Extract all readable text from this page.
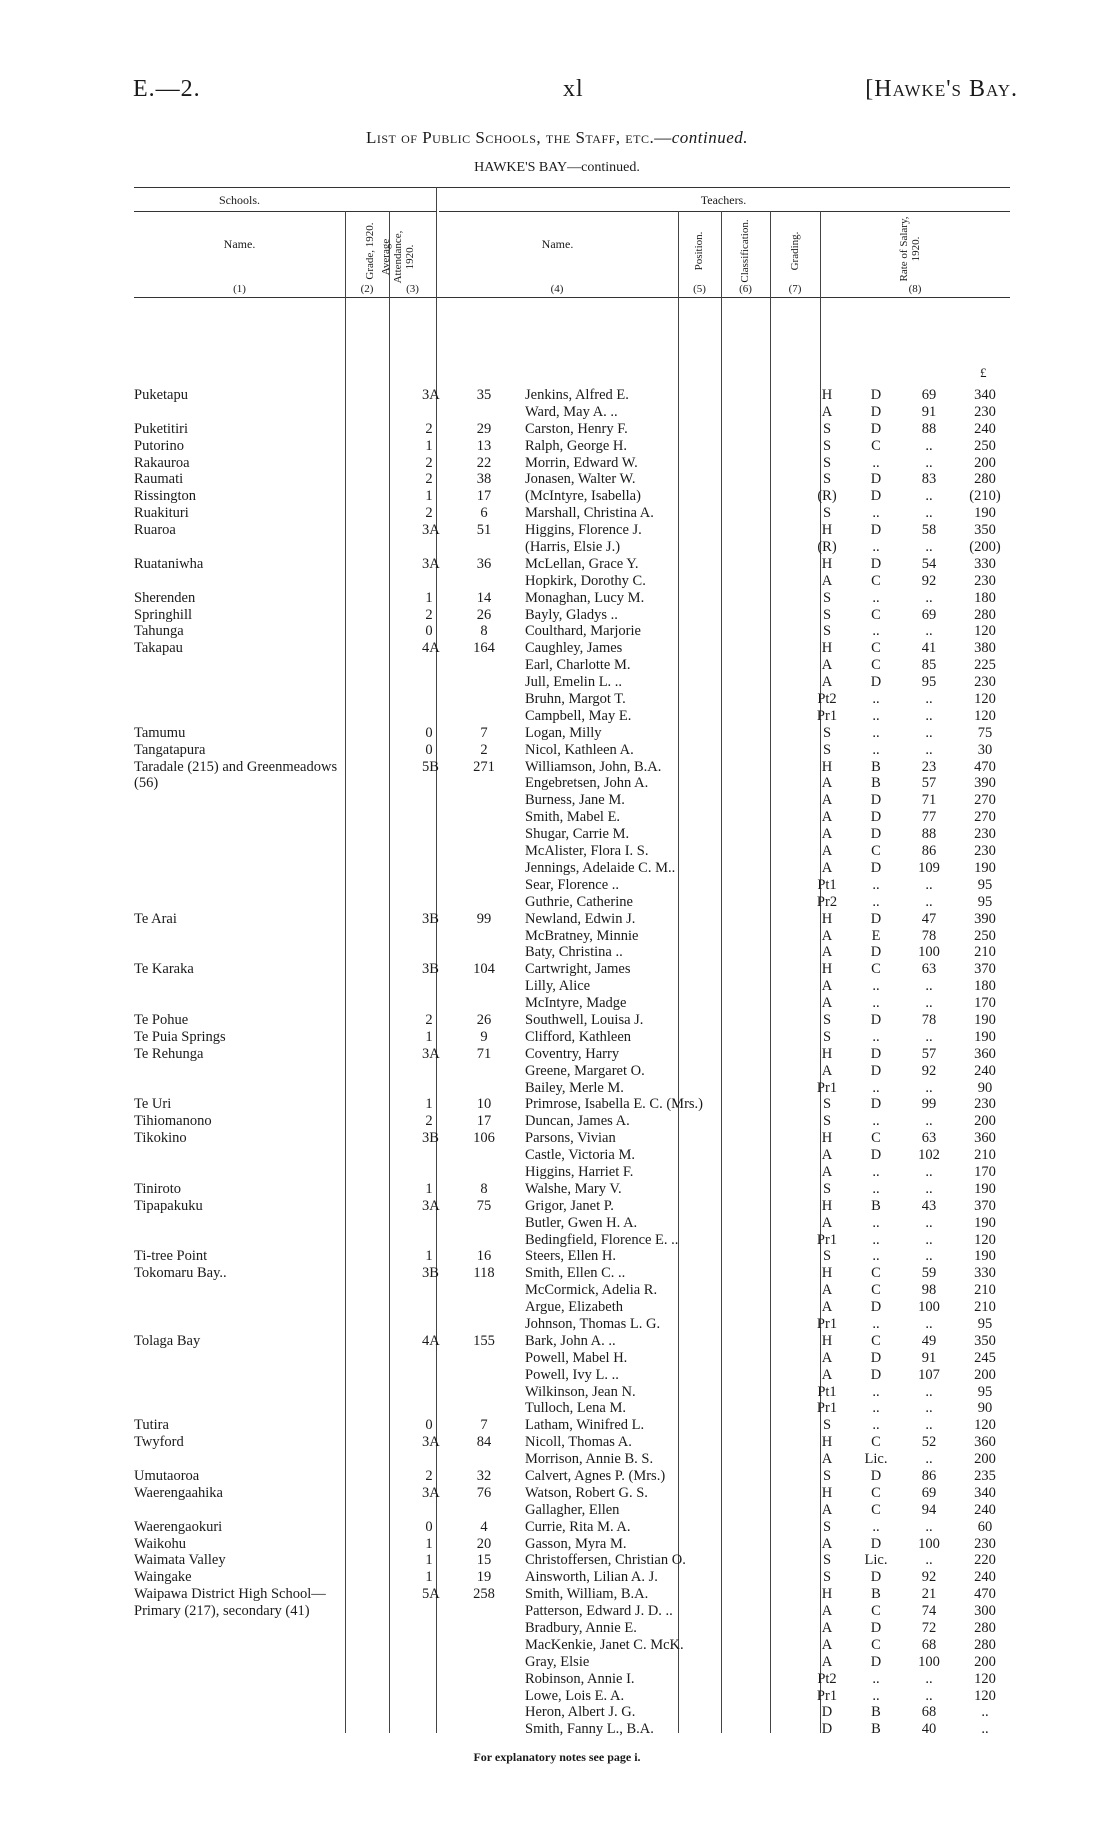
E.—2.	xl	[Hawke's Bay.
List of Public Schools, the Staff, etc.—continued.
HAWKE'S BAY—continued.
Schools.	Teachers.
Name.	Grade, 1920. Average Attendance, 1920.
Name.	Position.	Classification.	Grading.	Rate of Salary, 1920.
(1)	(2)	(3)	(4)	(5)	(6)	(7)	(8)
£
Puketapu	3A	35	Jenkins, Alfred E.	H	D	69	340
Ward, May A. ..	A	D	91	230
Puketitiri	2	29	Carston, Henry F.	S	D	88	240
Putorino	1	13	Ralph, George H.	S	C	..	250
Rakauroa	2	22	Morrin, Edward W.	S	..	..	200
Raumati	2	38	Jonasen, Walter W.	S	D	83	280
Rissington	1	17	(McIntyre, Isabella)	(R)	D	..	(210)
Ruakituri	2	6	Marshall, Christina A.	S	..	..	190
Ruaroa	3A	51	Higgins, Florence J.	H	D	58	350
(Harris, Elsie J.)	(R)	..	..	(200)
Ruataniwha	3A	36	McLellan, Grace Y.	H	D	54	330
Hopkirk, Dorothy C.	A	C	92	230
Sherenden	1	14	Monaghan, Lucy M.	S	..	..	180
Springhill	2	26	Bayly, Gladys ..	S	C	69	280
Tahunga	0	8	Coulthard, Marjorie	S	..	..	120
Takapau	4A	164	Caughley, James	H	C	41	380
Earl, Charlotte M.	A	C	85	225
Jull, Emelin L. ..	A	D	95	230
Bruhn, Margot T.	Pt2	..	..	120
Campbell, May E.	Pr1	..	..	120
Tamumu	0	7	Logan, Milly	S	..	..	75
Tangatapura	0	2	Nicol, Kathleen A.	S	..	..	30
Taradale (215) and Greenmeadows	5B	271	Williamson, John, B.A.	H	B	23	470
(56)	Engebretsen, John A.	A	B	57	390
Burness, Jane M.	A	D	71	270
Smith, Mabel E.	A	D	77	270
Shugar, Carrie M.	A	D	88	230
McAlister, Flora I. S.	A	C	86	230
Jennings, Adelaide C. M..	A	D	109	190
Sear, Florence ..	Pt1	..	..	95
Guthrie, Catherine	Pr2	..	..	95
Te Arai	3B	99	Newland, Edwin J.	H	D	47	390
McBratney, Minnie	A	E	78	250
Baty, Christina ..	A	D	100	210
Te Karaka	3B	104	Cartwright, James	H	C	63	370
Lilly, Alice	A	..	..	180
McIntyre, Madge	A	..	..	170
Te Pohue	2	26	Southwell, Louisa J.	S	D	78	190
Te Puia Springs	1	9	Clifford, Kathleen	S	..	..	190
Te Rehunga	3A	71	Coventry, Harry	H	D	57	360
Greene, Margaret O.	A	D	92	240
Bailey, Merle M.	Pr1	..	..	90
Te Uri	1	10	Primrose, Isabella E. C. (Mrs.)	S	D	99	230
Tihiomanono	2	17	Duncan, James A.	S	..	..	200
Tikokino	3B	106	Parsons, Vivian	H	C	63	360
Castle, Victoria M.	A	D	102	210
Higgins, Harriet F.	A	..	..	170
Tiniroto	1	8	Walshe, Mary V.	S	..	..	190
Tipapakuku	3A	75	Grigor, Janet P.	H	B	43	370
Butler, Gwen H. A.	A	..	..	190
Bedingfield, Florence E. ..	Pr1	..	..	120
Ti-tree Point	1	16	Steers, Ellen H.	S	..	..	190
Tokomaru Bay..	3B	118	Smith, Ellen C. ..	H	C	59	330
McCormick, Adelia R.	A	C	98	210
Argue, Elizabeth	A	D	100	210
Johnson, Thomas L. G.	Pr1	..	..	95
Tolaga Bay	4A	155	Bark, John A. ..	H	C	49	350
Powell, Mabel H.	A	D	91	245
Powell, Ivy L. ..	A	D	107	200
Wilkinson, Jean N.	Pt1	..	..	95
Tulloch, Lena M.	Pr1	..	..	90
Tutira	0	7	Latham, Winifred L.	S	..	..	120
Twyford	3A	84	Nicoll, Thomas A.	H	C	52	360
Morrison, Annie B. S.	A	Lic.	..	200
Umutaoroa	2	32	Calvert, Agnes P. (Mrs.)	S	D	86	235
Waerengaahika	3A	76	Watson, Robert G. S.	H	C	69	340
Gallagher, Ellen	A	C	94	240
Waerengaokuri	0	4	Currie, Rita M. A.	S	..	..	60
Waikohu	1	20	Gasson, Myra M.	A	D	100	230
Waimata Valley	1	15	Christoffersen, Christian O.	S	Lic.	..	220
Waingake	1	19	Ainsworth, Lilian A. J.	S	D	92	240
Waipawa District High School—	5A	258	Smith, William, B.A.	H	B	21	470
Primary (217), secondary (41)	Patterson, Edward J. D. ..	A	C	74	300
Bradbury, Annie E.	A	D	72	280
MacKenkie, Janet C. McK.	A	C	68	280
Gray, Elsie	A	D	100	200
Robinson, Annie I.	Pt2	..	..	120
Lowe, Lois E. A.	Pr1	..	..	120
Heron, Albert J. G.	D	B	68	..
Smith, Fanny L., B.A.	D	B	40	..
For explanatory notes see page i.
